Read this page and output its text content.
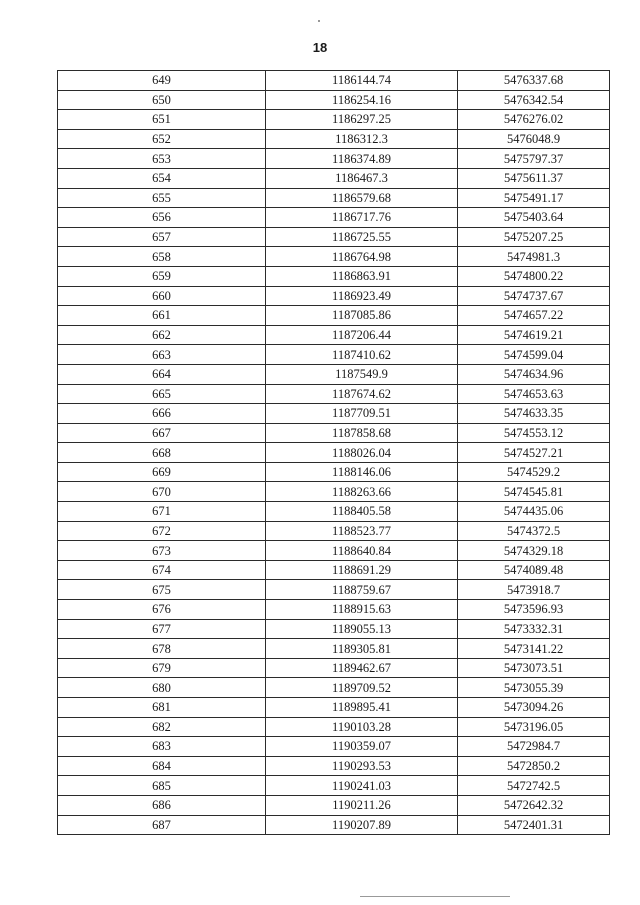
18
649	1186144.74	5476337.68
650	1186254.16	5476342.54
651	1186297.25	5476276.02
652	1186312.3	5476048.9
653	1186374.89	5475797.37
654	1186467.3	5475611.37
655	1186579.68	5475491.17
656	1186717.76	5475403.64
657	1186725.55	5475207.25
658	1186764.98	5474981.3
659	1186863.91	5474800.22
660	1186923.49	5474737.67
661	1187085.86	5474657.22
662	1187206.44	5474619.21
663	1187410.62	5474599.04
664	1187549.9	5474634.96
665	1187674.62	5474653.63
666	1187709.51	5474633.35
667	1187858.68	5474553.12
668	1188026.04	5474527.21
669	1188146.06	5474529.2
670	1188263.66	5474545.81
671	1188405.58	5474435.06
672	1188523.77	5474372.5
673	1188640.84	5474329.18
674	1188691.29	5474089.48
675	1188759.67	5473918.7
676	1188915.63	5473596.93
677	1189055.13	5473332.31
678	1189305.81	5473141.22
679	1189462.67	5473073.51
680	1189709.52	5473055.39
681	1189895.41	5473094.26
682	1190103.28	5473196.05
683	1190359.07	5472984.7
684	1190293.53	5472850.2
685	1190241.03	5472742.5
686	1190211.26	5472642.32
687	1190207.89	5472401.31
